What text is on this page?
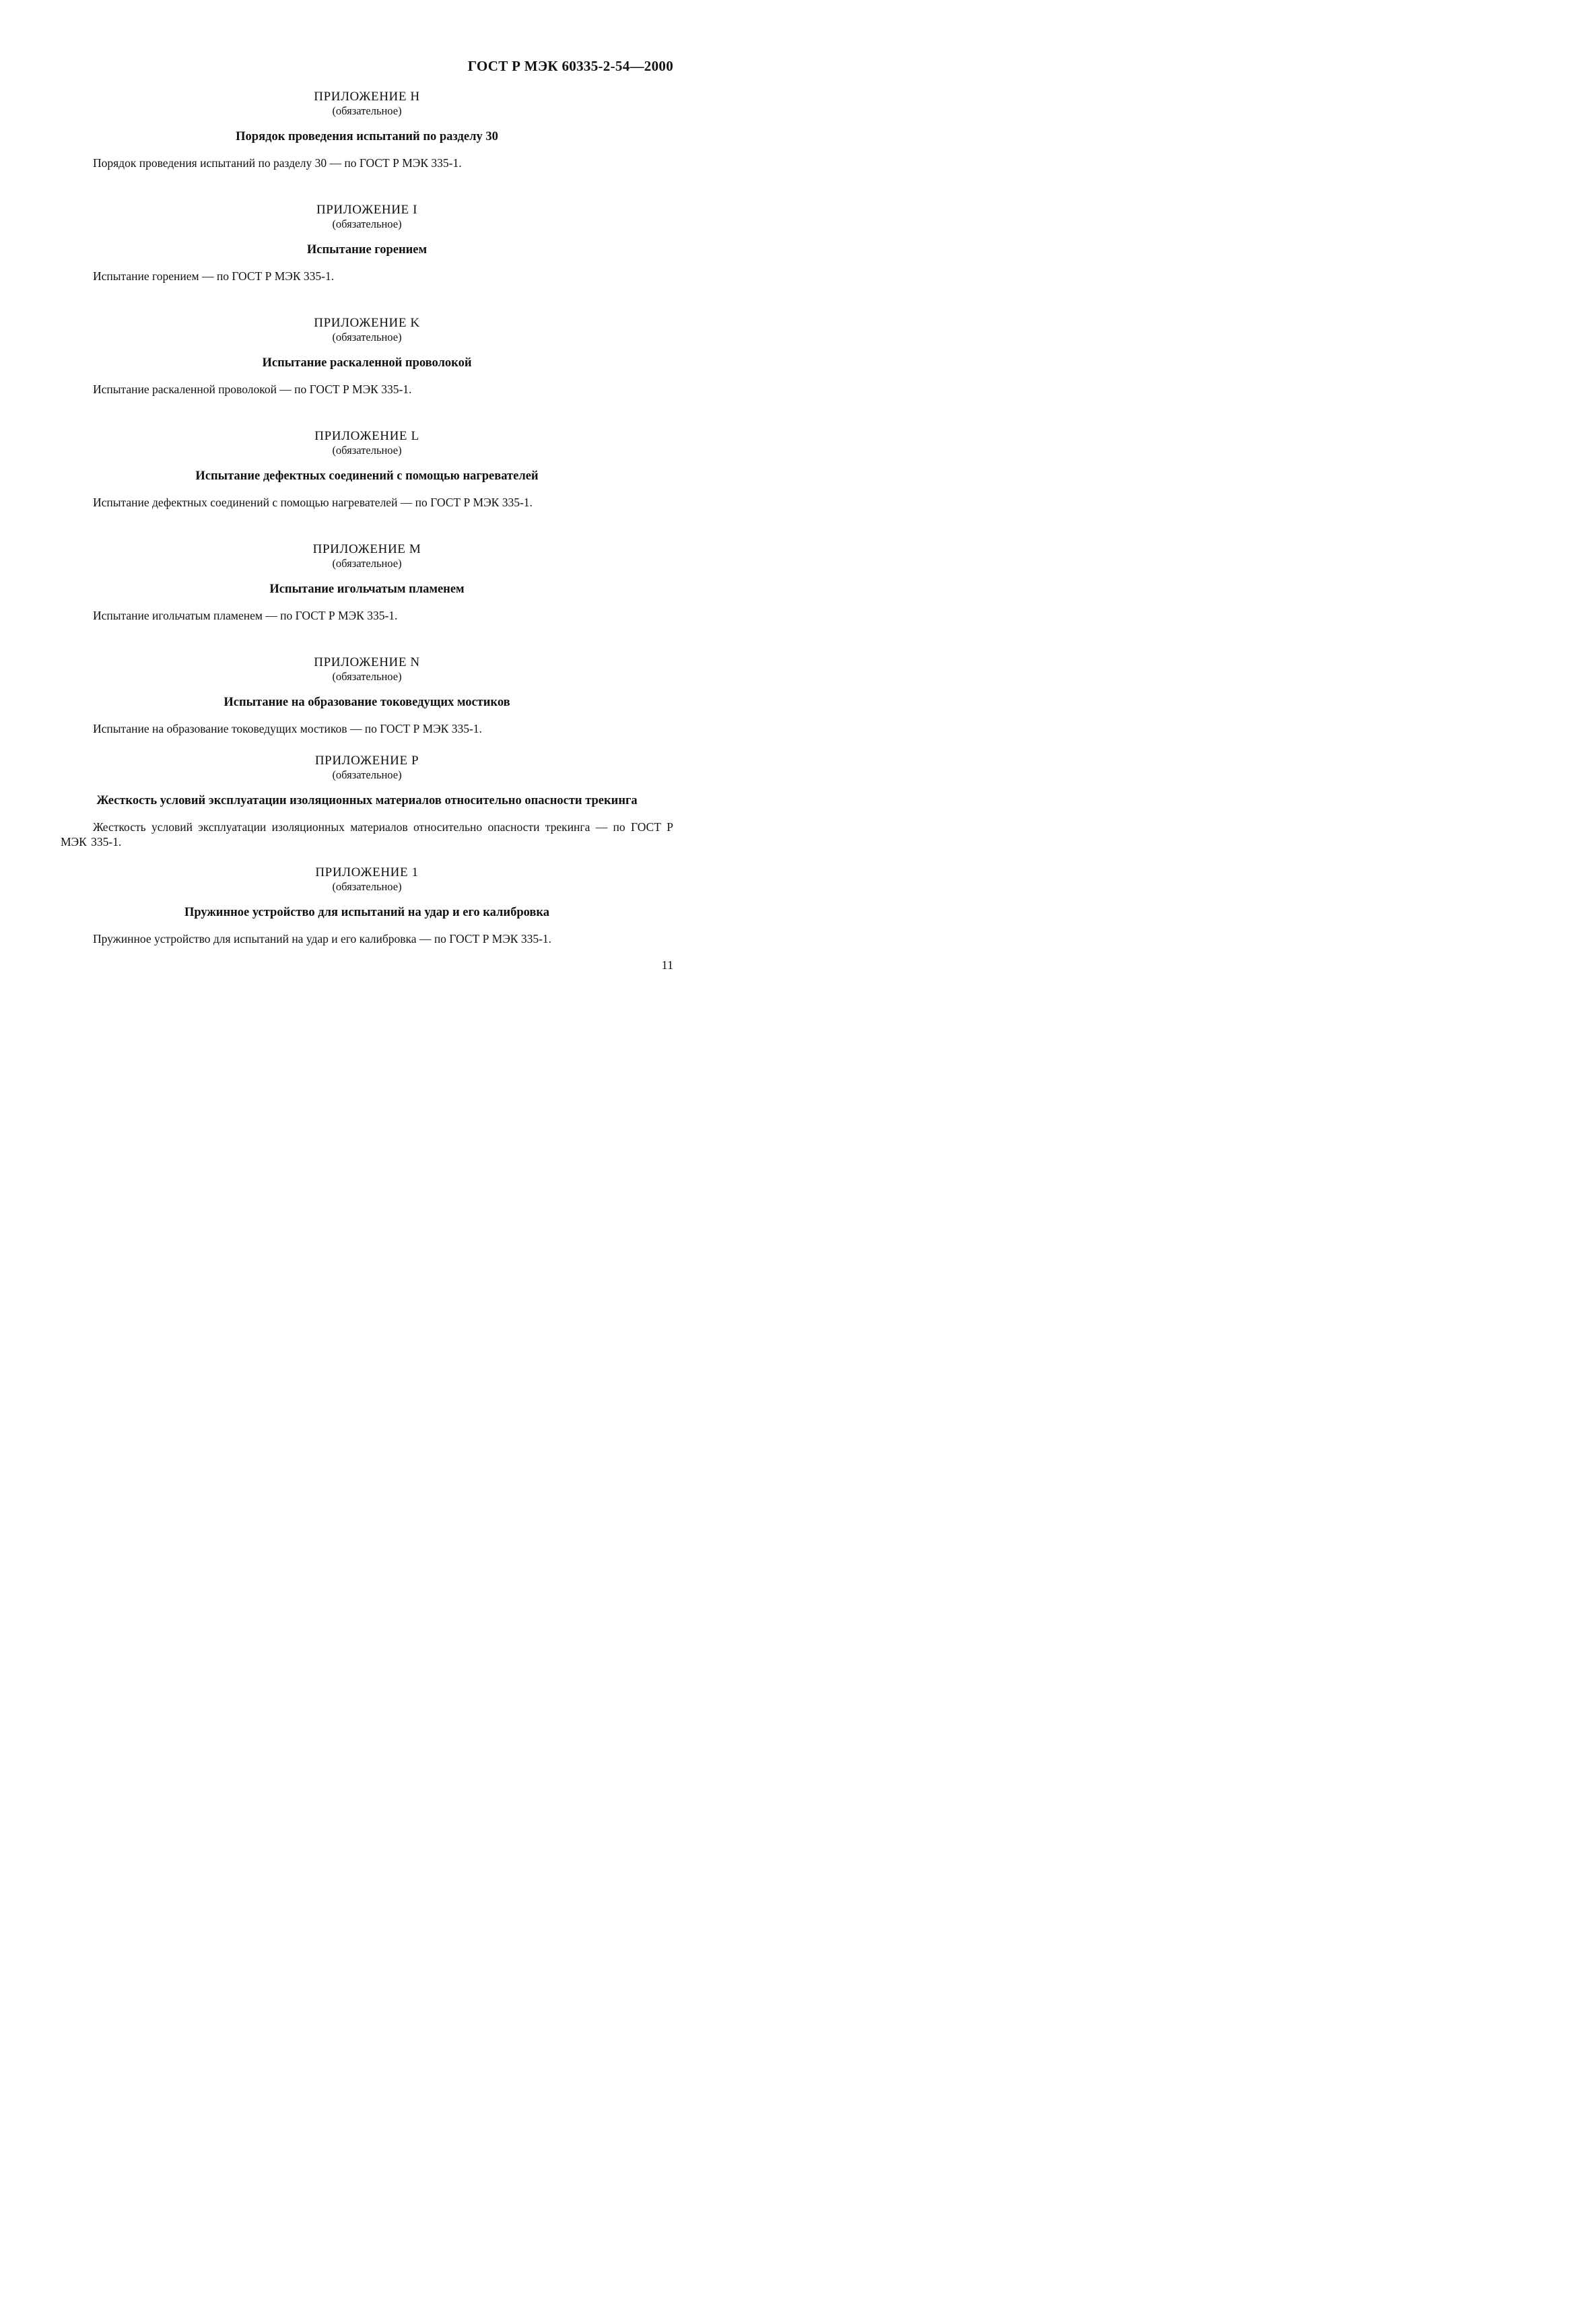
ГОСТ Р МЭК 60335-2-54—2000
ПРИЛОЖЕНИЕ H
(обязательное)
Порядок проведения испытаний по разделу 30
Порядок проведения испытаний по разделу 30 — по ГОСТ Р МЭК 335-1.
ПРИЛОЖЕНИЕ I
(обязательное)
Испытание горением
Испытание горением — по ГОСТ Р МЭК 335-1.
ПРИЛОЖЕНИЕ K
(обязательное)
Испытание раскаленной проволокой
Испытание раскаленной проволокой — по ГОСТ Р МЭК 335-1.
ПРИЛОЖЕНИЕ L
(обязательное)
Испытание дефектных соединений с помощью нагревателей
Испытание дефектных соединений с помощью нагревателей — по ГОСТ Р МЭК 335-1.
ПРИЛОЖЕНИЕ M
(обязательное)
Испытание игольчатым пламенем
Испытание игольчатым пламенем — по ГОСТ Р МЭК 335-1.
ПРИЛОЖЕНИЕ N
(обязательное)
Испытание на образование токоведущих мостиков
Испытание на образование токоведущих мостиков — по ГОСТ Р МЭК 335-1.
ПРИЛОЖЕНИЕ P
(обязательное)
Жесткость условий эксплуатации изоляционных материалов относительно опасности трекинга
Жесткость условий эксплуатации изоляционных материалов относительно опасности трекинга — по ГОСТ Р МЭК 335-1.
ПРИЛОЖЕНИЕ 1
(обязательное)
Пружинное устройство для испытаний на удар и его калибровка
Пружинное устройство для испытаний на удар и его калибровка — по ГОСТ Р МЭК 335-1.
11
